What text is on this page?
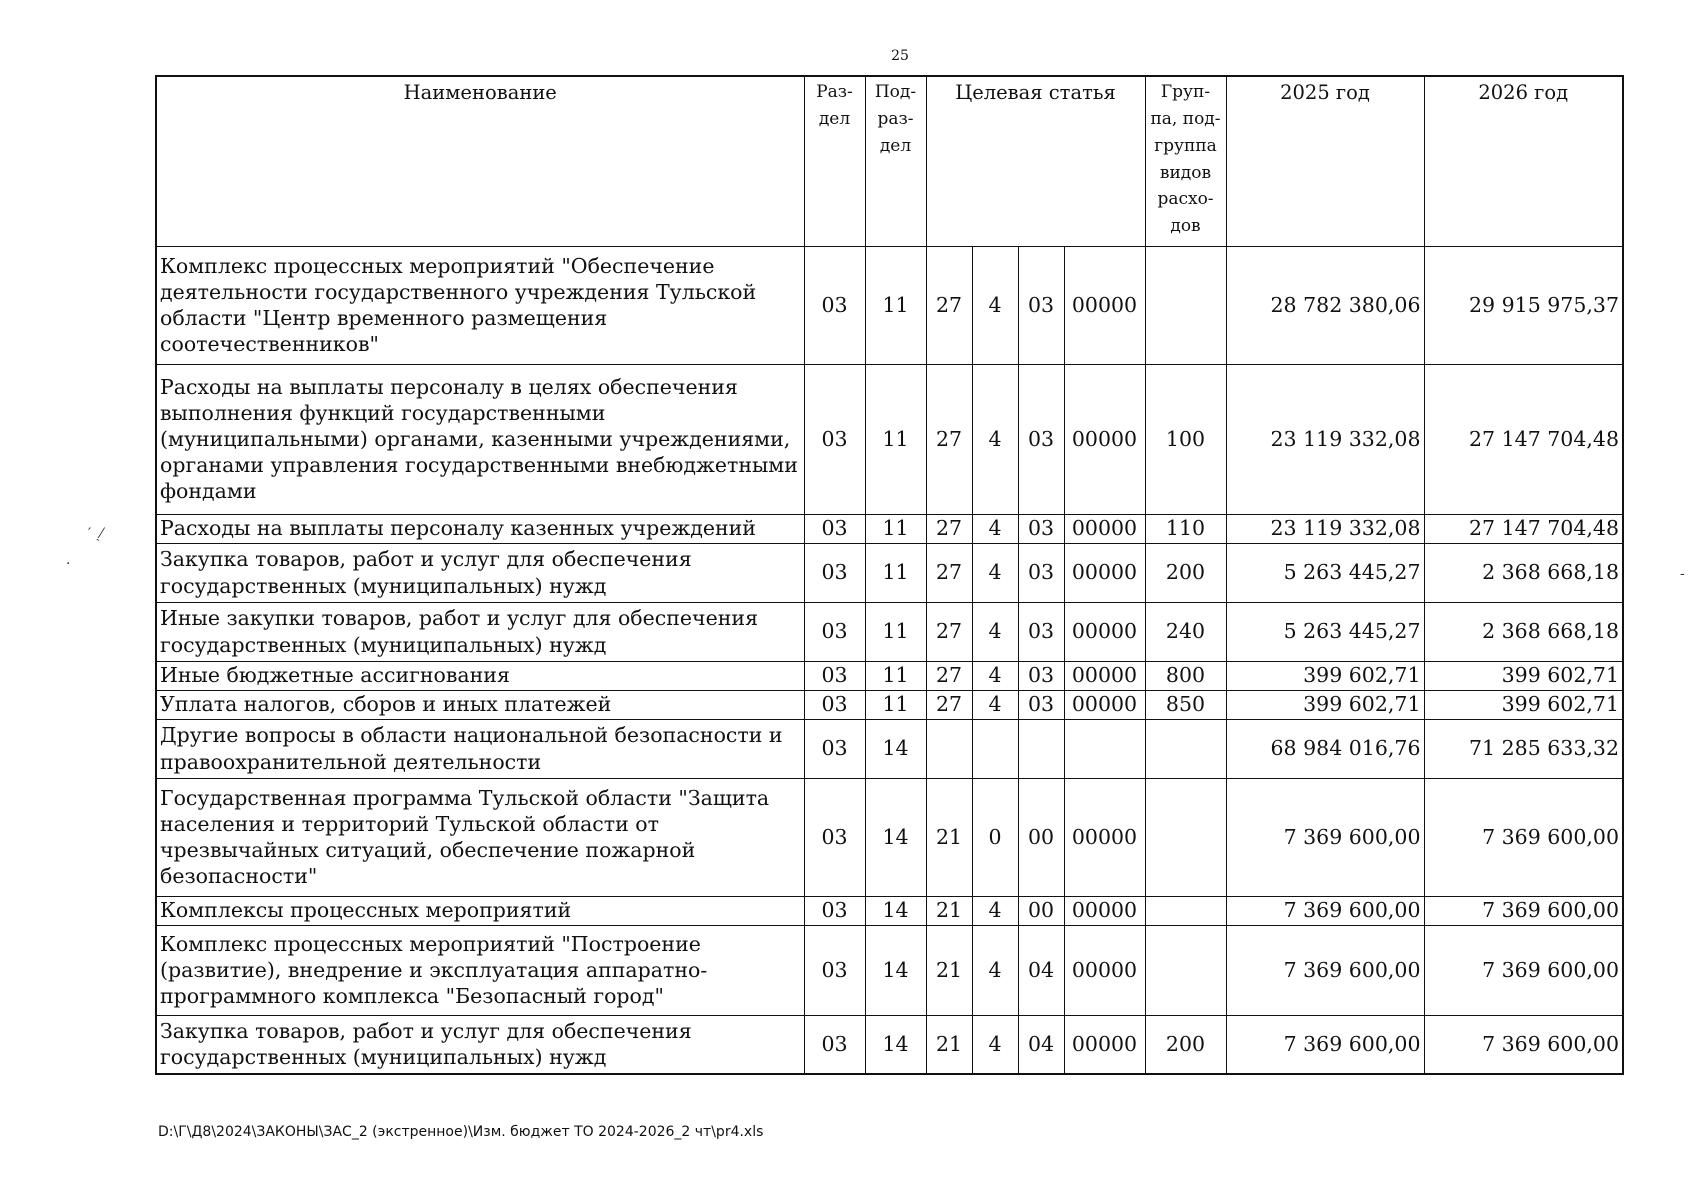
25
′ ˏ⁄
·
-
Наименование	Раз-дел	Под-раз-дел	Целевая статья				Груп-па, под-группа видов расхо-дов	2025 год	2026 год
Комплекс процессных мероприятий "Обеспечение деятельности государственного учреждения Тульской области "Центр временного размещения соотечественников"	03	11	27	4	03	00000		28 782 380,06	29 915 975,37
Расходы на выплаты персоналу в целях обеспечения выполнения функций государственными (муниципальными) органами, казенными учреждениями, органами управления государственными внебюджетными фондами	03	11	27	4	03	00000	100	23 119 332,08	27 147 704,48
Расходы на выплаты персоналу казенных учреждений	03	11	27	4	03	00000	110	23 119 332,08	27 147 704,48
Закупка товаров, работ и услуг для обеспечения государственных (муниципальных) нужд	03	11	27	4	03	00000	200	5 263 445,27	2 368 668,18
Иные закупки товаров, работ и услуг для обеспечения государственных (муниципальных) нужд	03	11	27	4	03	00000	240	5 263 445,27	2 368 668,18
Иные бюджетные ассигнования	03	11	27	4	03	00000	800	399 602,71	399 602,71
Уплата налогов, сборов и иных платежей	03	11	27	4	03	00000	850	399 602,71	399 602,71
Другие вопросы в области национальной безопасности и правоохранительной деятельности	03	14						68 984 016,76	71 285 633,32
Государственная программа Тульской области "Защита населения и территорий Тульской области от чрезвычайных ситуаций, обеспечение пожарной безопасности"	03	14	21	0	00	00000		7 369 600,00	7 369 600,00
Комплексы процессных мероприятий	03	14	21	4	00	00000		7 369 600,00	7 369 600,00
Комплекс процессных мероприятий "Построение (развитие), внедрение и эксплуатация аппаратно-программного комплекса "Безопасный город"	03	14	21	4	04	00000		7 369 600,00	7 369 600,00
Закупка товаров, работ и услуг для обеспечения государственных (муниципальных) нужд	03	14	21	4	04	00000	200	7 369 600,00	7 369 600,00
D:\Г\Д8\2024\ЗАКОНЫ\ЗАС_2 (экстренное)\Изм. бюджет ТО 2024-2026_2 чт\pr4.xls
